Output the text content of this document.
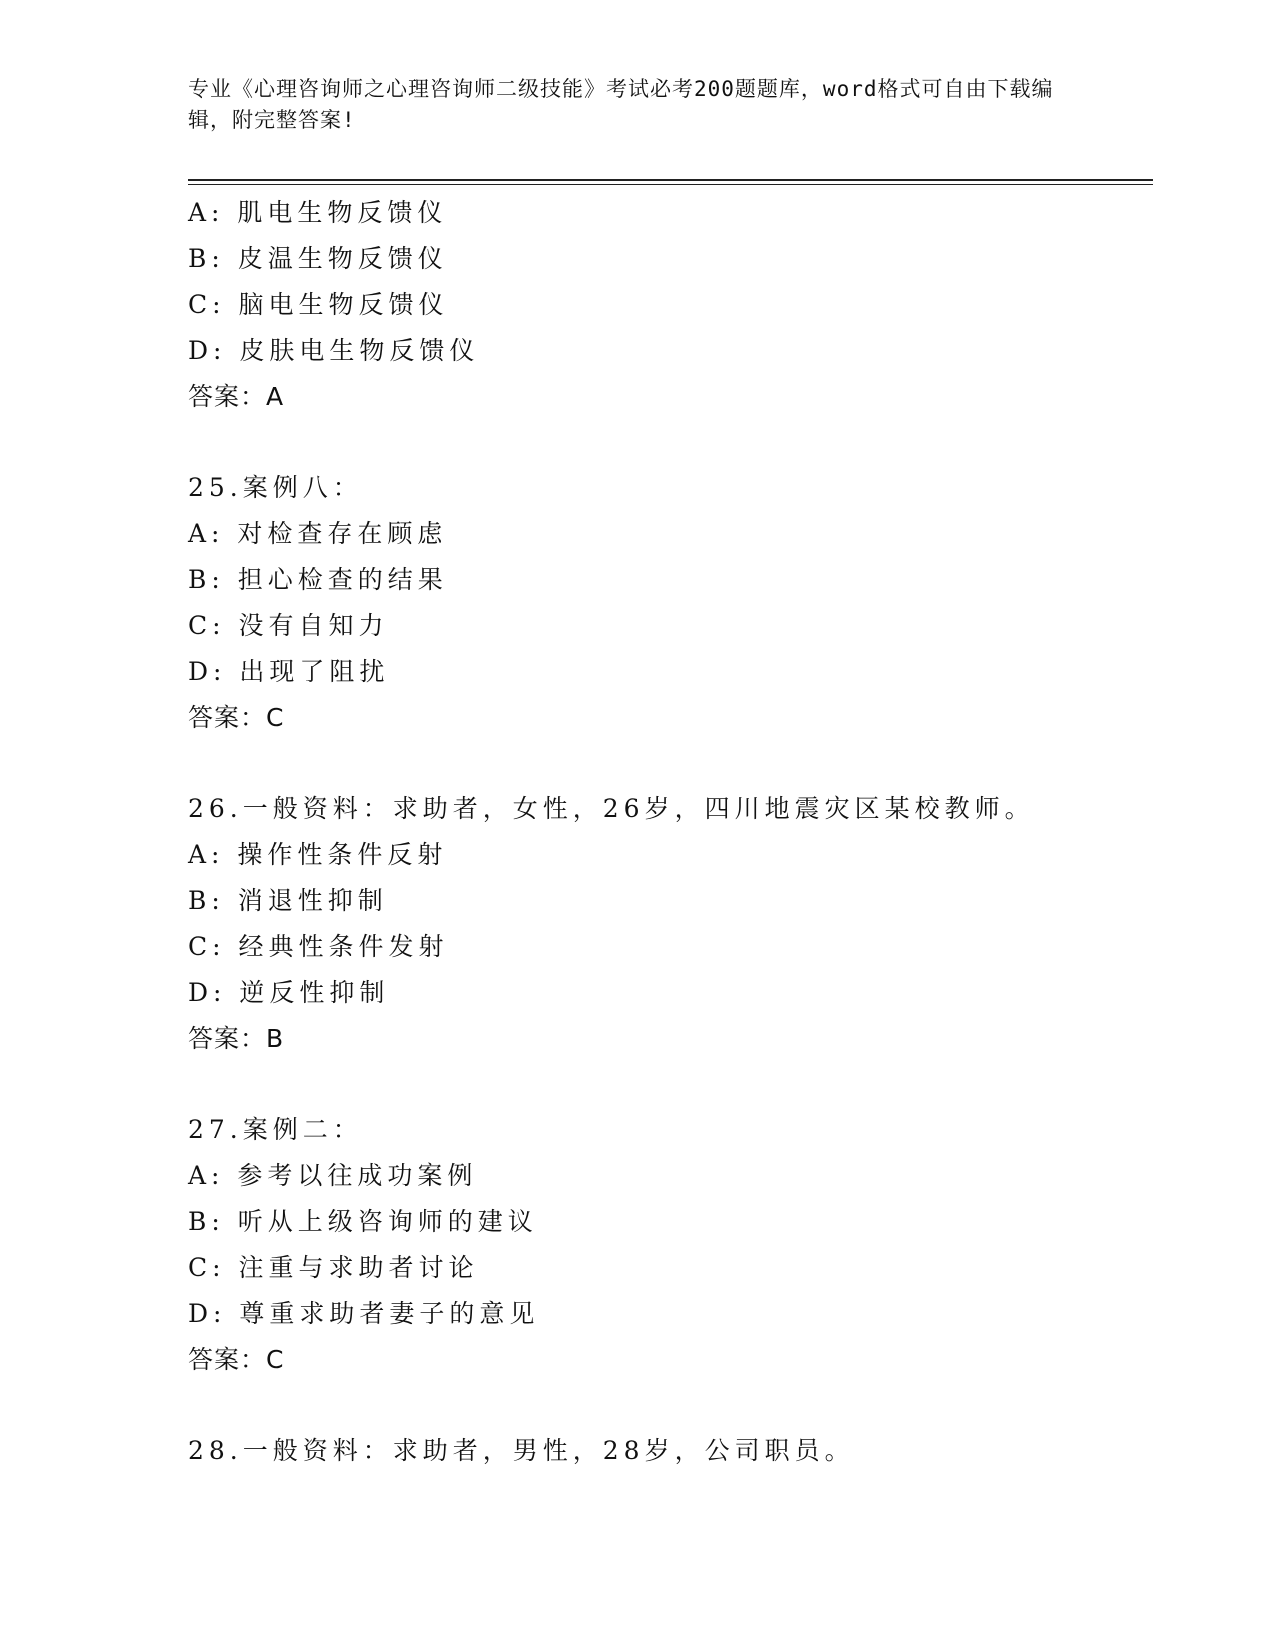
专业《心理咨询师之心理咨询师二级技能》考试必考200题题库，word格式可自由下载编辑，附完整答案!
A: 肌电生物反馈仪
B: 皮温生物反馈仪
C: 脑电生物反馈仪
D: 皮肤电生物反馈仪
答案：A
25.案例八：
A: 对检查存在顾虑
B: 担心检查的结果
C: 没有自知力
D: 出现了阻扰
答案：C
26.一般资料：求助者，女性，26岁，四川地震灾区某校教师。
A: 操作性条件反射
B: 消退性抑制
C: 经典性条件发射
D: 逆反性抑制
答案：B
27.案例二：
A: 参考以往成功案例
B: 听从上级咨询师的建议
C: 注重与求助者讨论
D: 尊重求助者妻子的意见
答案：C
28.一般资料：求助者，男性，28岁，公司职员。
